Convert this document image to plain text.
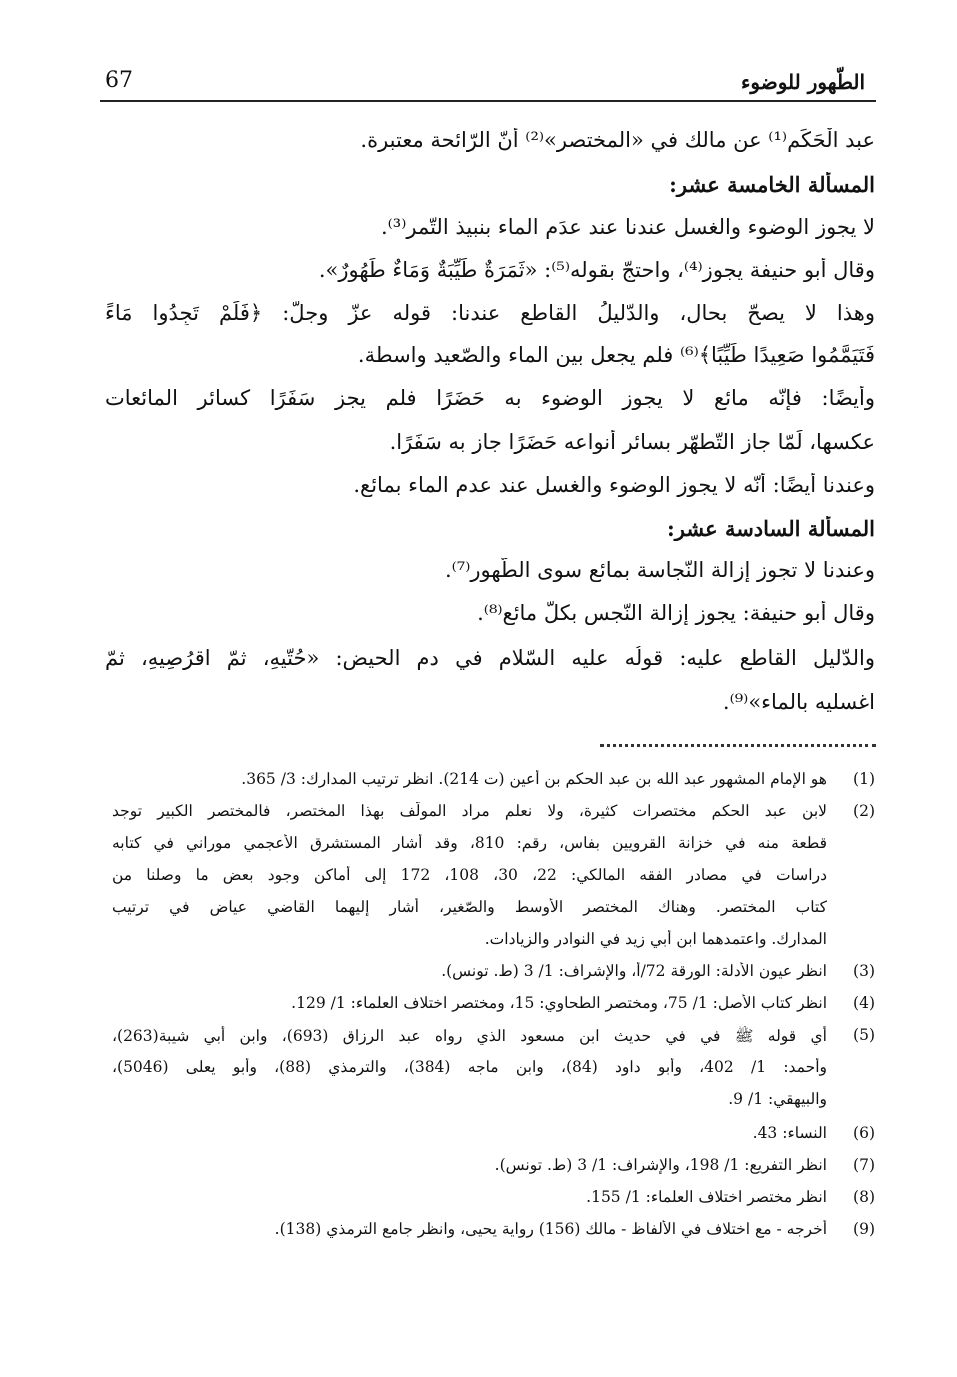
67	الطّهور للوضوء
عبد الْحَكَم⁽¹⁾ عن مالك في «المختصر»⁽²⁾ أنّ الرّائحة معتبرة.
المسألة الخامسة عشر:
لا يجوز الوضوء والغسل عندنا عند عدَم الماء بنبيذ التّمر⁽³⁾.
وقال أبو حنيفة يجوز⁽⁴⁾، واحتجّ بقوله⁽⁵⁾: «ثَمَرَةٌ طَيِّبَةٌ وَمَاءٌ طَهُورٌ».
وهذا لا يصحّ بحالٍ، والدّليلُ القاطع عندنا: قوله عزّ وجلّ: ﴿فَلَمْ تَجِدُوا مَاءً
فَتَيَمَّمُوا صَعِيدًا طَيِّبًا﴾⁽⁶⁾ فلم يجعل بين الماء والصّعيد واسطة.
وأيضًا: فإنّه مائع لا يجوز الوضوء به حَضَرًا فلم يجز سَفَرًا كسائر المائعات
عكسها، لَمّا جاز التّطهّر بسائر أنواعه حَضَرًا جاز به سَفَرًا.
وعندنا أيضًا: أنّه لا يجوز الوضوء والغسل عند عدم الماء بمائعٍ.
المسألة السادسة عشر:
وعندنا لا تجوز إزالة النّجاسة بمائعٍ سوى الطّهور⁽⁷⁾.
وقال أبو حنيفة: يجوز إزالة النّجس بكلّ مائعٍ⁽⁸⁾.
والدّليل القاطع عليه: قولُه عليه السّلام في دم الحيض: «حُتّيهِ، ثمّ اقرُصِيهِ، ثمّ
اغسليه بالماء»⁽⁹⁾.
(1)
هو الإمام المشهور عبد الله بن عبد الحكم بن أعين (ت 214). انظر ترتيب المدارك: 3/ 365.
(2)
لابن عبد الحكم مختصرات كثيرة، ولا نعلم مراد المولّف بهذا المختصر، فالمختصر الكبير توجد
قطعة منه في خزانة القرويين بفاس، رقم: 810، وقد أشار المستشرق الأعجمي موراني في كتابه
دراسات في مصادر الفقه المالكي: 22، 30، 108، 172 إلى أماكن وجود بعض ما وصلنا من
كتاب المختصر. وهناك المختصر الأوسط والصّغير، أشار إليهما القاضي عياض في ترتيب
المدارك. واعتمدهما ابن أبي زيد في النوادر والزيادات.
(3)
انظر عيون الأدلة: الورقة 72/أ، والإشراف: 1/ 3 (ط. تونس).
(4)
انظر كتاب الأصل: 1/ 75، ومختصر الطحاوي: 15، ومختصر اختلاف العلماء: 1/ 129.
(5)
أي قوله ﷺ في في حديث ابن مسعود الذي رواه عبد الرزاق (693)، وابن أبي شيبة(263)،
وأحمد: 1/ 402، وأبو داود (84)، وابن ماجه (384)، والترمذي (88)، وأبو يعلى (5046)،
والبيهقي: 1/ 9.
(6)
النساء: 43.
(7)
انظر التفريع: 1/ 198، والإشراف: 1/ 3 (ط. تونس).
(8)
انظر مختصر اختلاف العلماء: 1/ 155.
(9)
أخرجه - مع اختلاف في الألفاظ - مالك (156) رواية يحيى، وانظر جامع الترمذي (138).
